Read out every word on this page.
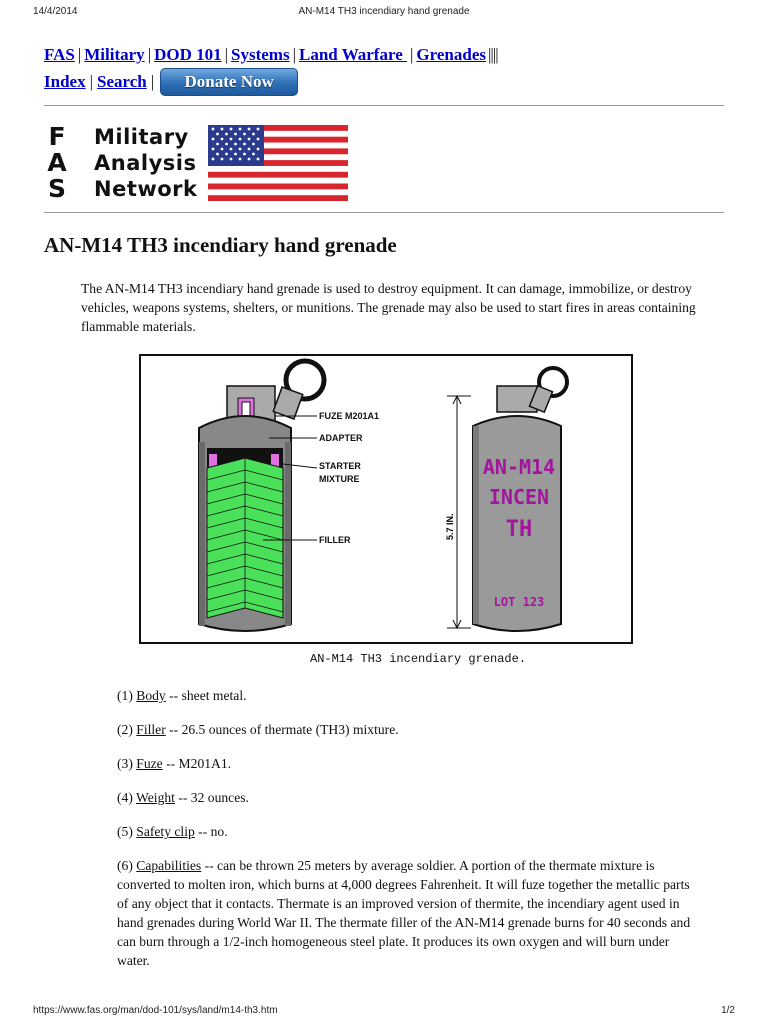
14/4/2014	AN-M14 TH3 incendiary hand grenade
FAS | Military | DOD 101 | Systems | Land Warfare | Grenades ||||
Index | Search |	Donate Now
F
A
S
Military
Analysis
Network
AN-M14 TH3 incendiary hand grenade

The AN-M14 TH3 incendiary hand grenade is used to destroy equipment. It can damage, immobilize, or destroy vehicles, weapons systems, shelters, or munitions. The grenade may also be used to start fires in areas containing flammable materials.

FUZE M201A1
ADAPTER
STARTER
MIXTURE
FILLER	5.7 IN.
AN-M14
INCEN
TH
LOT 123
AN-M14 TH3 incendiary grenade.

(1) Body -- sheet metal.

(2) Filler -- 26.5 ounces of thermate (TH3) mixture.

(3) Fuze -- M201A1.

(4) Weight -- 32 ounces.

(5) Safety clip -- no.

(6) Capabilities -- can be thrown 25 meters by average soldier. A portion of the thermate mixture is converted to molten iron, which burns at 4,000 degrees Fahrenheit. It will fuze together the metallic parts of any object that it contacts. Thermate is an improved version of thermite, the incendiary agent used in hand grenades during World War II. The thermate filler of the AN-M14 grenade burns for 40 seconds and can burn through a 1/2-inch homogeneous steel plate. It produces its own oxygen and will burn under water.

https://www.fas.org/man/dod-101/sys/land/m14-th3.htm	1/2
